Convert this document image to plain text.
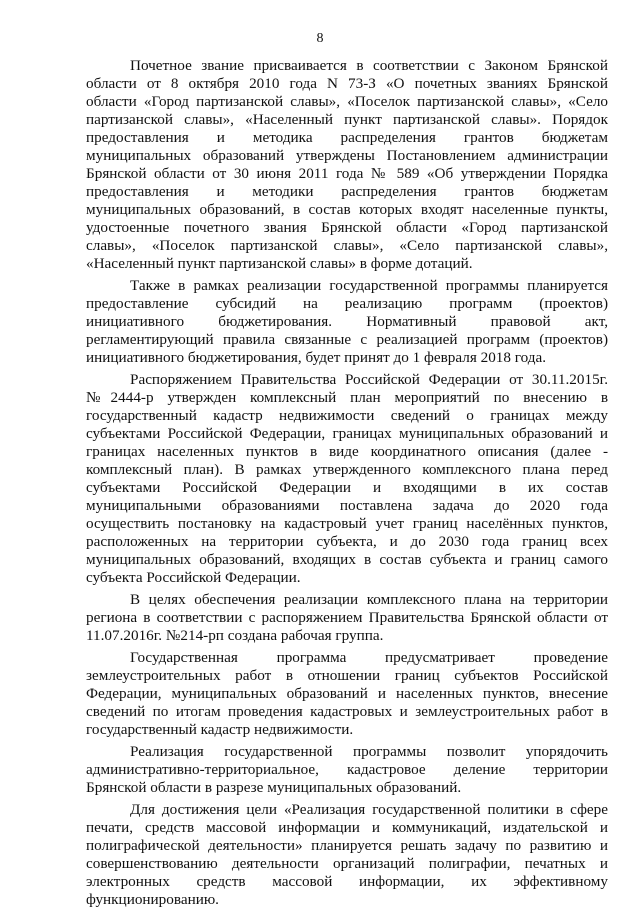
8
Почетное звание присваивается в соответствии с Законом Брянской
области от 8 октября 2010 года N 73-З «О почетных званиях Брянской
области «Город партизанской славы», «Поселок партизанской славы», «Село
партизанской славы», «Населенный пункт партизанской славы». Порядок
предоставления и методика распределения грантов бюджетам
муниципальных образований утверждены Постановлением администрации
Брянской области от 30 июня 2011 года № 589 «Об утверждении Порядка
предоставления и методики распределения грантов бюджетам
муниципальных образований, в состав которых входят населенные пункты,
удостоенные почетного звания Брянской области «Город партизанской
славы», «Поселок партизанской славы», «Село партизанской славы»,
«Населенный пункт партизанской славы» в форме дотаций.
Также в рамках реализации государственной программы планируется
предоставление субсидий на реализацию программ (проектов)
инициативного бюджетирования. Нормативный правовой акт,
регламентирующий правила связанные с реализацией программ (проектов)
инициативного бюджетирования, будет принят до 1 февраля 2018 года.
Распоряжением Правительства Российской Федерации от 30.11.2015г.
№2444-р утвержден комплексный план мероприятий по внесению в
государственный кадастр недвижимости сведений о границах между
субъектами Российской Федерации, границах муниципальных образований и
границах населенных пунктов в виде координатного описания (далее -
комплексный план). В рамках утвержденного комплексного плана перед
субъектами Российской Федерации и входящими в их состав
муниципальными образованиями поставлена задача до 2020 года
осуществить постановку на кадастровый учет границ населённых пунктов,
расположенных на территории субъекта, и до 2030 года границ всех
муниципальных образований, входящих в состав субъекта и границ самого
субъекта Российской Федерации.
В целях обеспечения реализации комплексного плана на территории
региона в соответствии с распоряжением Правительства Брянской области от
11.07.2016г. №214-рп создана рабочая группа.
Государственная программа предусматривает проведение
землеустроительных работ в отношении границ субъектов Российской
Федерации, муниципальных образований и населенных пунктов, внесение
сведений по итогам проведения кадастровых и землеустроительных работ в
государственный кадастр недвижимости.
Реализация государственной программы позволит упорядочить
административно-территориальное, кадастровое деление территории
Брянской области в разрезе муниципальных образований.
Для достижения цели «Реализация государственной политики в сфере
печати, средств массовой информации и коммуникаций, издательской и
полиграфической деятельности» планируется решать задачу по развитию и
совершенствованию деятельности организаций полиграфии, печатных и
электронных средств массовой информации, их эффективному
функционированию.
